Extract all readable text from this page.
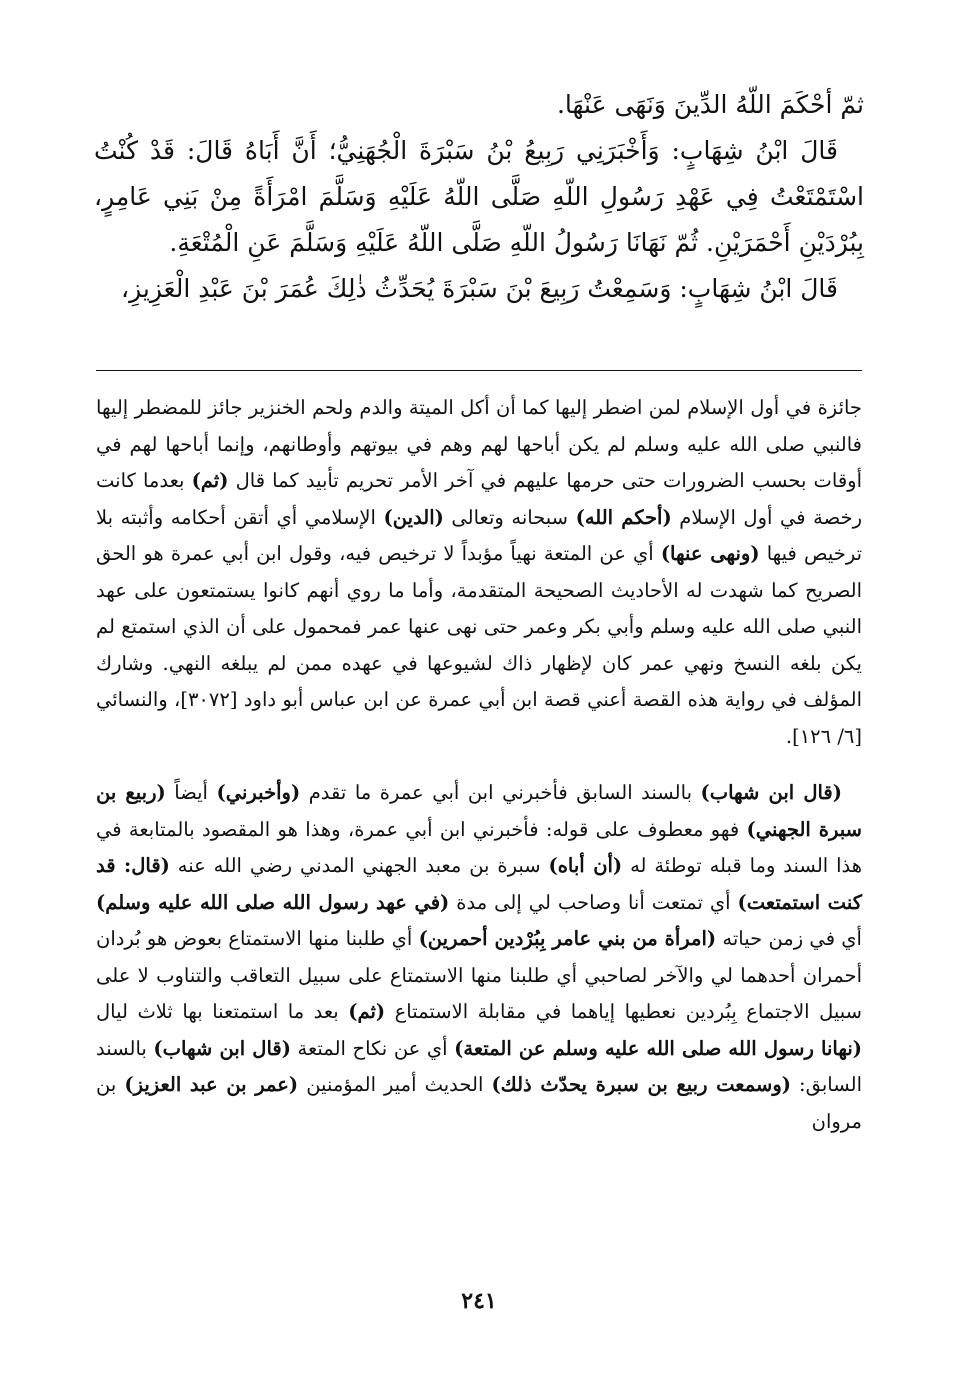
ثمّ أحْكَمَ اللّهُ الدِّينَ وَنَهَى عَنْهَا.

قَالَ ابْنُ شِهَابٍ: وَأَخْبَرَنِي رَبِيعُ بْنُ سَبْرَةَ الْجُهَنِيُّ؛ أَنَّ أَبَاهُ قَالَ: قَدْ كُنْتُ اسْتَمْتَعْتُ فِي عَهْدِ رَسُولِ اللّهِ صَلَّى اللّهُ عَلَيْهِ وَسَلَّمَ امْرَأَةً مِنْ بَنِي عَامِرٍ، بِبُرْدَيْنِ أَحْمَرَيْنِ. ثُمّ نَهَانَا رَسُولُ اللّهِ صَلَّى اللّهُ عَلَيْهِ وَسَلَّمَ عَنِ الْمُتْعَةِ.

قَالَ ابْنُ شِهَابٍ: وَسَمِعْتُ رَبِيعَ بْنَ سَبْرَةَ يُحَدِّثُ ذٰلِكَ عُمَرَ بْنَ عَبْدِ الْعَزِيزِ،

جائزة في أول الإسلام لمن اضطر إليها كما أن أكل الميتة والدم ولحم الخنزير جائز للمضطر إليها فالنبي صلى الله عليه وسلم لم يكن أباحها لهم وهم في بيوتهم وأوطانهم، وإنما أباحها لهم في أوقات بحسب الضرورات حتى حرمها عليهم في آخر الأمر تحريم تأبيد كما قال (ثم) بعدما كانت رخصة في أول الإسلام (أحكم الله) سبحانه وتعالى (الدين) الإسلامي أي أتقن أحكامه وأثبته بلا ترخيص فيها (ونهى عنها) أي عن المتعة نهياً مؤبداً لا ترخيص فيه، وقول ابن أبي عمرة هو الحق الصريح كما شهدت له الأحاديث الصحيحة المتقدمة، وأما ما روي أنهم كانوا يستمتعون على عهد النبي صلى الله عليه وسلم وأبي بكر وعمر حتى نهى عنها عمر فمحمول على أن الذي استمتع لم يكن بلغه النسخ ونهي عمر كان لإظهار ذاك لشيوعها في عهده ممن لم يبلغه النهي. وشارك المؤلف في رواية هذه القصة أعني قصة ابن أبي عمرة عن ابن عباس أبو داود [٣٠٧٢]، والنسائي [٦/ ١٢٦].

(قال ابن شهاب) بالسند السابق فأخبرني ابن أبي عمرة ما تقدم (وأخبرني) أيضاً (ربيع بن سبرة الجهني) فهو معطوف على قوله: فأخبرني ابن أبي عمرة، وهذا هو المقصود بالمتابعة في هذا السند وما قبله توطئة له (أن أباه) سبرة بن معبد الجهني المدني رضي الله عنه (قال: قد كنت استمتعت) أي تمتعت أنا وصاحب لي إلى مدة (في عهد رسول الله صلى الله عليه وسلم) أي في زمن حياته (امرأة من بني عامر بِبُرْدين أحمرين) أي طلبنا منها الاستمتاع بعوض هو بُردان أحمران أحدهما لي والآخر لصاحبي أي طلبنا منها الاستمتاع على سبيل التعاقب والتناوب لا على سبيل الاجتماع بِبُردين نعطيها إياهما في مقابلة الاستمتاع (ثم) بعد ما استمتعنا بها ثلاث ليال (نهانا رسول الله صلى الله عليه وسلم عن المتعة) أي عن نكاح المتعة (قال ابن شهاب) بالسند السابق: (وسمعت ربيع بن سبرة يحدّث ذلك) الحديث أمير المؤمنين (عمر بن عبد العزيز) بن مروان

٢٤١
